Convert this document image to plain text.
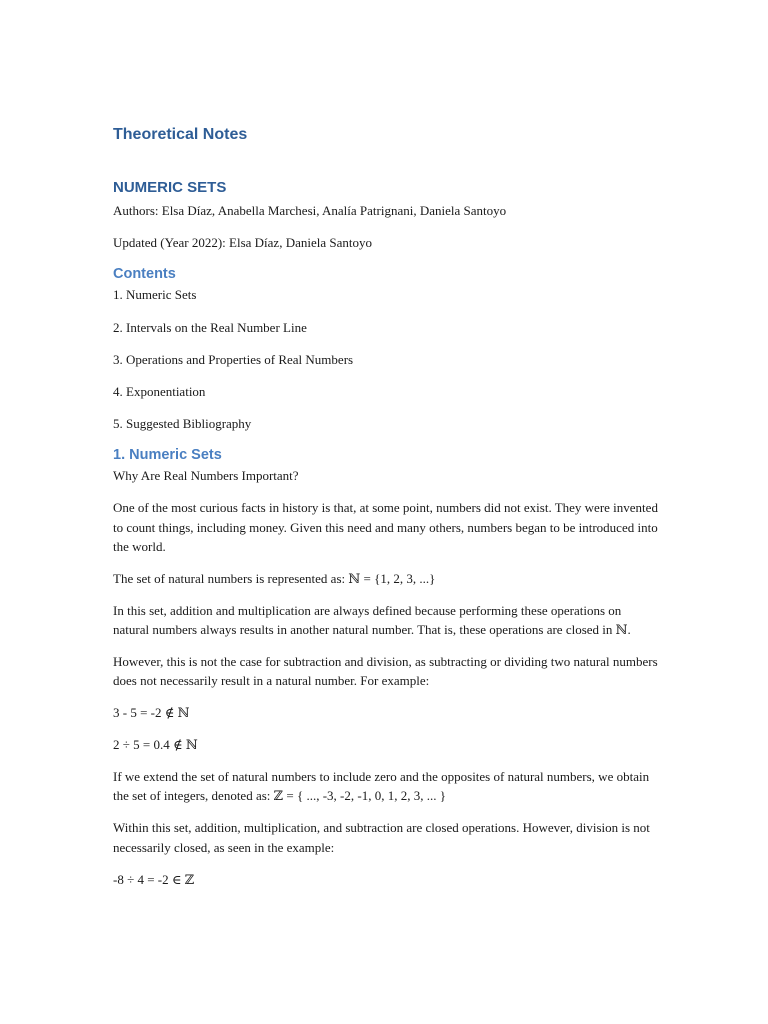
Theoretical Notes
NUMERIC SETS

Authors: Elsa Díaz, Anabella Marchesi, Analía Patrignani, Daniela Santoyo

Updated (Year 2022): Elsa Díaz, Daniela Santoyo

Contents

1. Numeric Sets

2. Intervals on the Real Number Line

3. Operations and Properties of Real Numbers

4. Exponentiation

5. Suggested Bibliography

1. Numeric Sets

Why Are Real Numbers Important?

One of the most curious facts in history is that, at some point, numbers did not exist. They were invented to count things, including money. Given this need and many others, numbers began to be introduced into the world.

The set of natural numbers is represented as: ℕ = {1, 2, 3, ...}

In this set, addition and multiplication are always defined because performing these operations on natural numbers always results in another natural number. That is, these operations are closed in ℕ.

However, this is not the case for subtraction and division, as subtracting or dividing two natural numbers does not necessarily result in a natural number. For example:

3 - 5 = -2 ∉ ℕ

2 ÷ 5 = 0.4 ∉ ℕ

If we extend the set of natural numbers to include zero and the opposites of natural numbers, we obtain the set of integers, denoted as: ℤ = { ..., -3, -2, -1, 0, 1, 2, 3, ... }

Within this set, addition, multiplication, and subtraction are closed operations. However, division is not necessarily closed, as seen in the example:

-8 ÷ 4 = -2 ∈ ℤ
